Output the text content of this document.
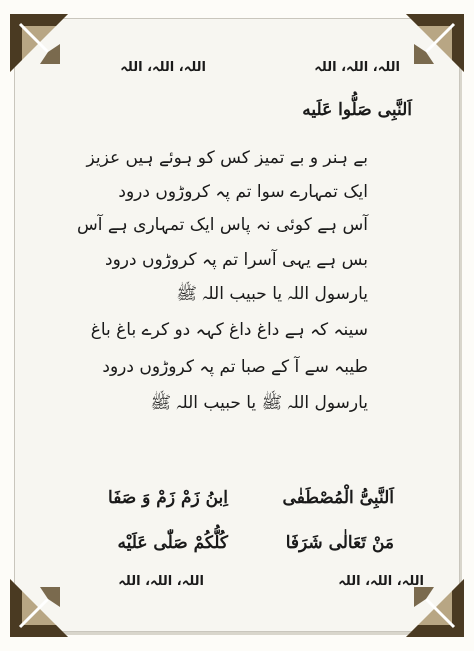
اللہ، اللہ، اللہ	اللہ، اللہ، اللہ
اَلنَّبِی صَلُّوا عَلَیه
بے ہنر و بے تمیز کس کو ہوئے ہیں عزیز
ایک تمہارے سوا تم پہ کروڑوں درود
آس ہے کوئی نہ پاس ایک تمہاری ہے آس
بس ہے یہی آسرا تم پہ کروڑوں درود
یارسول اللہ یا حبیب اللہ ﷺ
سینہ کہ ہے داغ داغ کہہ دو کرے باغ باغ
طیبہ سے آ کے صبا تم پہ کروڑوں درود
یارسول اللہ ﷺ یا حبیب اللہ ﷺ
اَلنَّبِیُّ الْمُصْطَفٰی
اِبنُ زَمْ زَمْ وَ صَفَا
مَنْ تَعَالٰی شَرَفَا
کُلُّکُمْ صَلّٰی عَلَیْه
اللہ، اللہ، اللہ	اللہ، اللہ، اللہ
